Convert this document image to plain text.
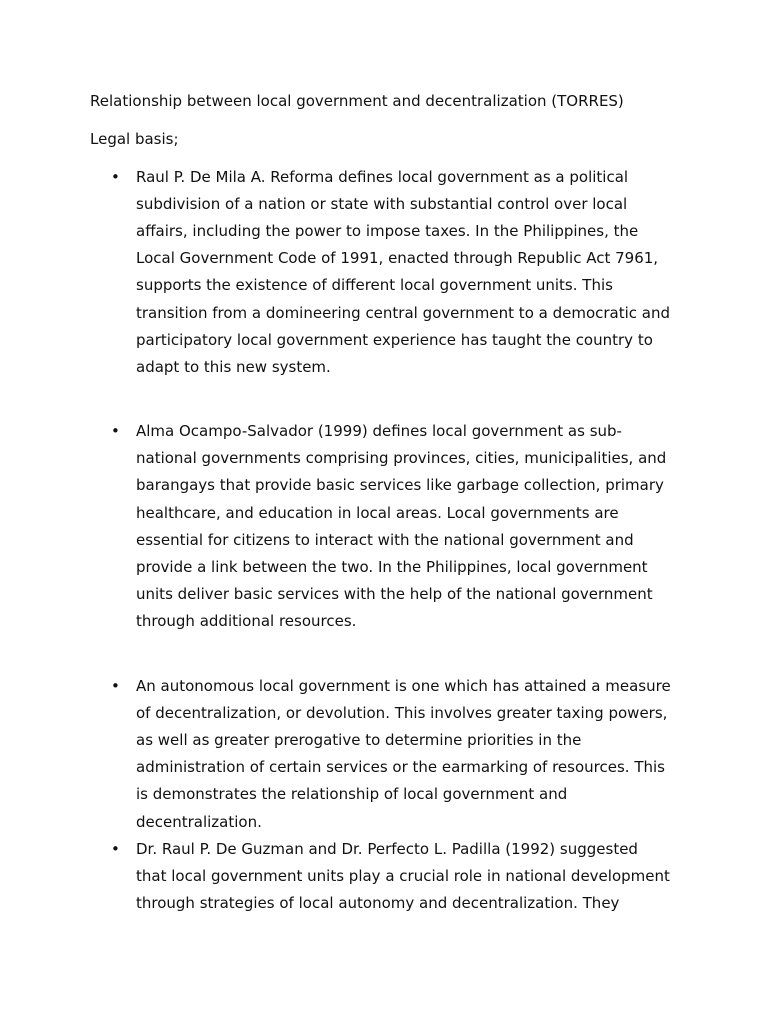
Relationship between local government and decentralization (TORRES)
Legal basis;
• Raul P. De Mila A. Reforma defines local government as a political
subdivision of a nation or state with substantial control over local
affairs, including the power to impose taxes. In the Philippines, the
Local Government Code of 1991, enacted through Republic Act 7961,
supports the existence of different local government units. This
transition from a domineering central government to a democratic and
participatory local government experience has taught the country to
adapt to this new system.
• Alma Ocampo-Salvador (1999) defines local government as sub-
national governments comprising provinces, cities, municipalities, and
barangays that provide basic services like garbage collection, primary
healthcare, and education in local areas. Local governments are
essential for citizens to interact with the national government and
provide a link between the two. In the Philippines, local government
units deliver basic services with the help of the national government
through additional resources.
• An autonomous local government is one which has attained a measure
of decentralization, or devolution. This involves greater taxing powers,
as well as greater prerogative to determine priorities in the
administration of certain services or the earmarking of resources. This
is demonstrates the relationship of local government and
decentralization.
• Dr. Raul P. De Guzman and Dr. Perfecto L. Padilla (1992) suggested
that local government units play a crucial role in national development
through strategies of local autonomy and decentralization. They
